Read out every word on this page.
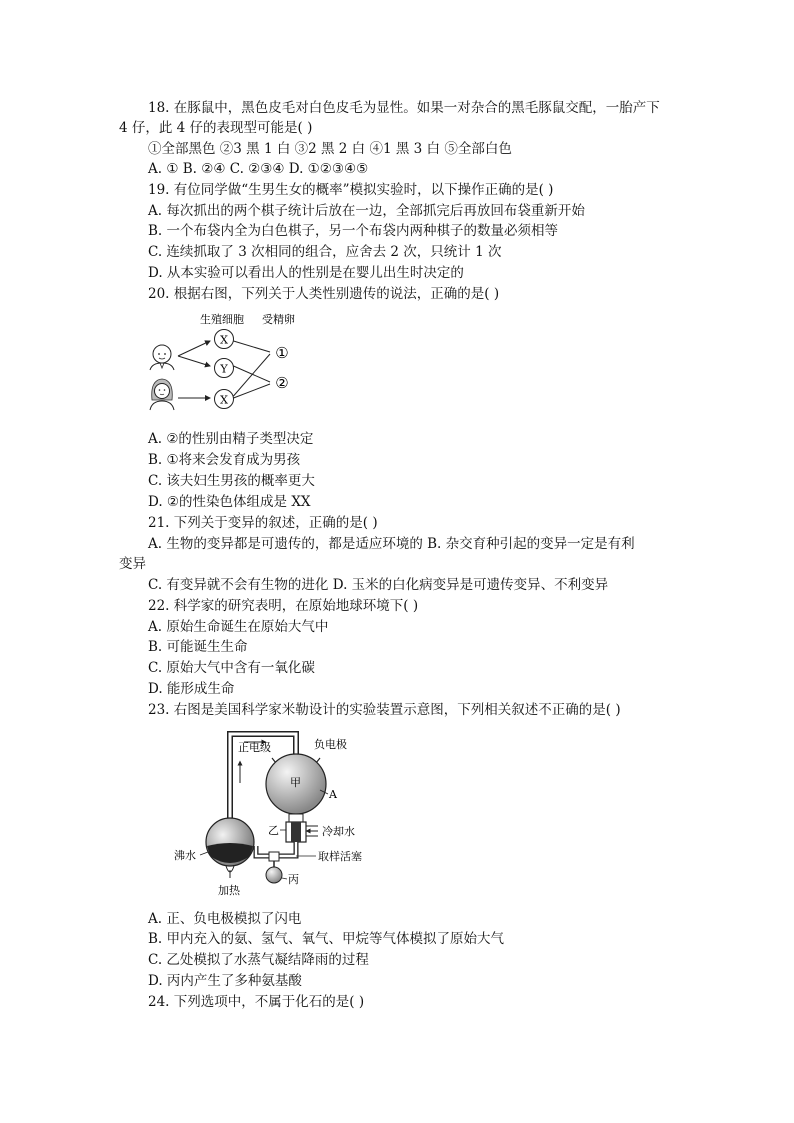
18. 在豚鼠中，黑色皮毛对白色皮毛为显性。如果一对杂合的黑毛豚鼠交配，一胎产下
4 仔，此 4 仔的表现型可能是( )
①全部黑色 ②3 黑 1 白 ③2 黑 2 白 ④1 黑 3 白 ⑤全部白色
A. ① B. ②④ C. ②③④ D. ①②③④⑤
19. 有位同学做“生男生女的概率”模拟实验时，以下操作正确的是( )
A. 每次抓出的两个棋子统计后放在一边，全部抓完后再放回布袋重新开始
B. 一个布袋内全为白色棋子，另一个布袋内两种棋子的数量必须相等
C. 连续抓取了 3 次相同的组合，应舍去 2 次，只统计 1 次
D. 从本实验可以看出人的性别是在婴儿出生时决定的
20. 根据右图，下列关于人类性别遗传的说法，正确的是( )
生殖细胞 受精卵
X
Y
X
①
②
A. ②的性别由精子类型决定
B. ①将来会发育成为男孩
C. 该夫妇生男孩的概率更大
D. ②的性染色体组成是 XX
21. 下列关于变异的叙述，正确的是( )
A. 生物的变异都是可遗传的，都是适应环境的 B. 杂交育种引起的变异一定是有利
变异
C. 有变异就不会有生物的进化 D. 玉米的白化病变异是可遗传变异、不利变异
22. 科学家的研究表明，在原始地球环境下( )
A. 原始生命诞生在原始大气中
B. 可能诞生生命
C. 原始大气中含有一氧化碳
D. 能形成生命
23. 右图是美国科学家米勒设计的实验装置示意图，下列相关叙述不正确的是( )
正电级	负电极
甲
A
冷却水
乙
取样活塞
丙
沸水
加热
A. 正、负电极模拟了闪电
B. 甲内充入的氨、氢气、氧气、甲烷等气体模拟了原始大气
C. 乙处模拟了水蒸气凝结降雨的过程
D. 丙内产生了多种氨基酸
24. 下列选项中，不属于化石的是( )
